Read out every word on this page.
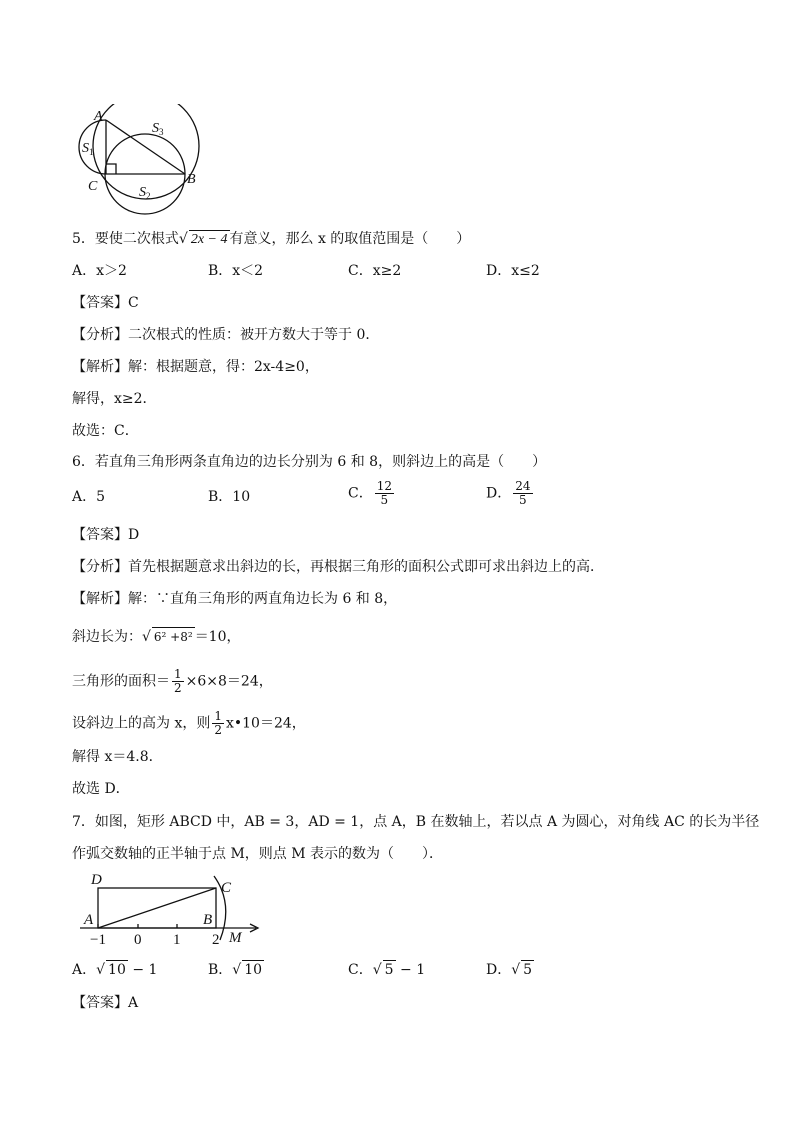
A
C	B
$S_1$
$S_3$
$S_2$
5．要使二次根式√ 2x − 4 有意义，那么 x 的取值范围是（　　）
A．x＞2	B．x＜2	C．x≥2	D．x≤2
【答案】C
【分析】二次根式的性质：被开方数大于等于 0．
【解析】解：根据题意，得：2x-4≥0，
解得，x≥2．
故选：C．
6．若直角三角形两条直角边的边长分别为 6 和 8，则斜边上的高是（　　）
A．5	B．10	C． $\frac{12}{5}$	D． $\frac{24}{5}$
【答案】D
【分析】首先根据题意求出斜边的长，再根据三角形的面积公式即可求出斜边上的高．
【解析】解：∵直角三角形的两直角边长为 6 和 8，
斜边长为：√ 6² +8² ＝10，
三角形的面积＝ $\frac{1}{2} \times 6\times 8=24$，
设斜边上的高为 x，则 $\frac{1}{2}$ x•10＝24，
解得 x＝4.8．
故选 D．
7．如图，矩形 ABCD 中，AB = 3，AD = 1，点 A，B 在数轴上，若以点 A 为圆心，对角线 AC 的长为半径
作弧交数轴的正半轴于点 M，则点 M 表示的数为（　　）．
D	C
A	B
M
−1 0 1 2
A．√ 10 − 1	B．√ 10	C．√ 5 − 1	D．√ 5
【答案】A
